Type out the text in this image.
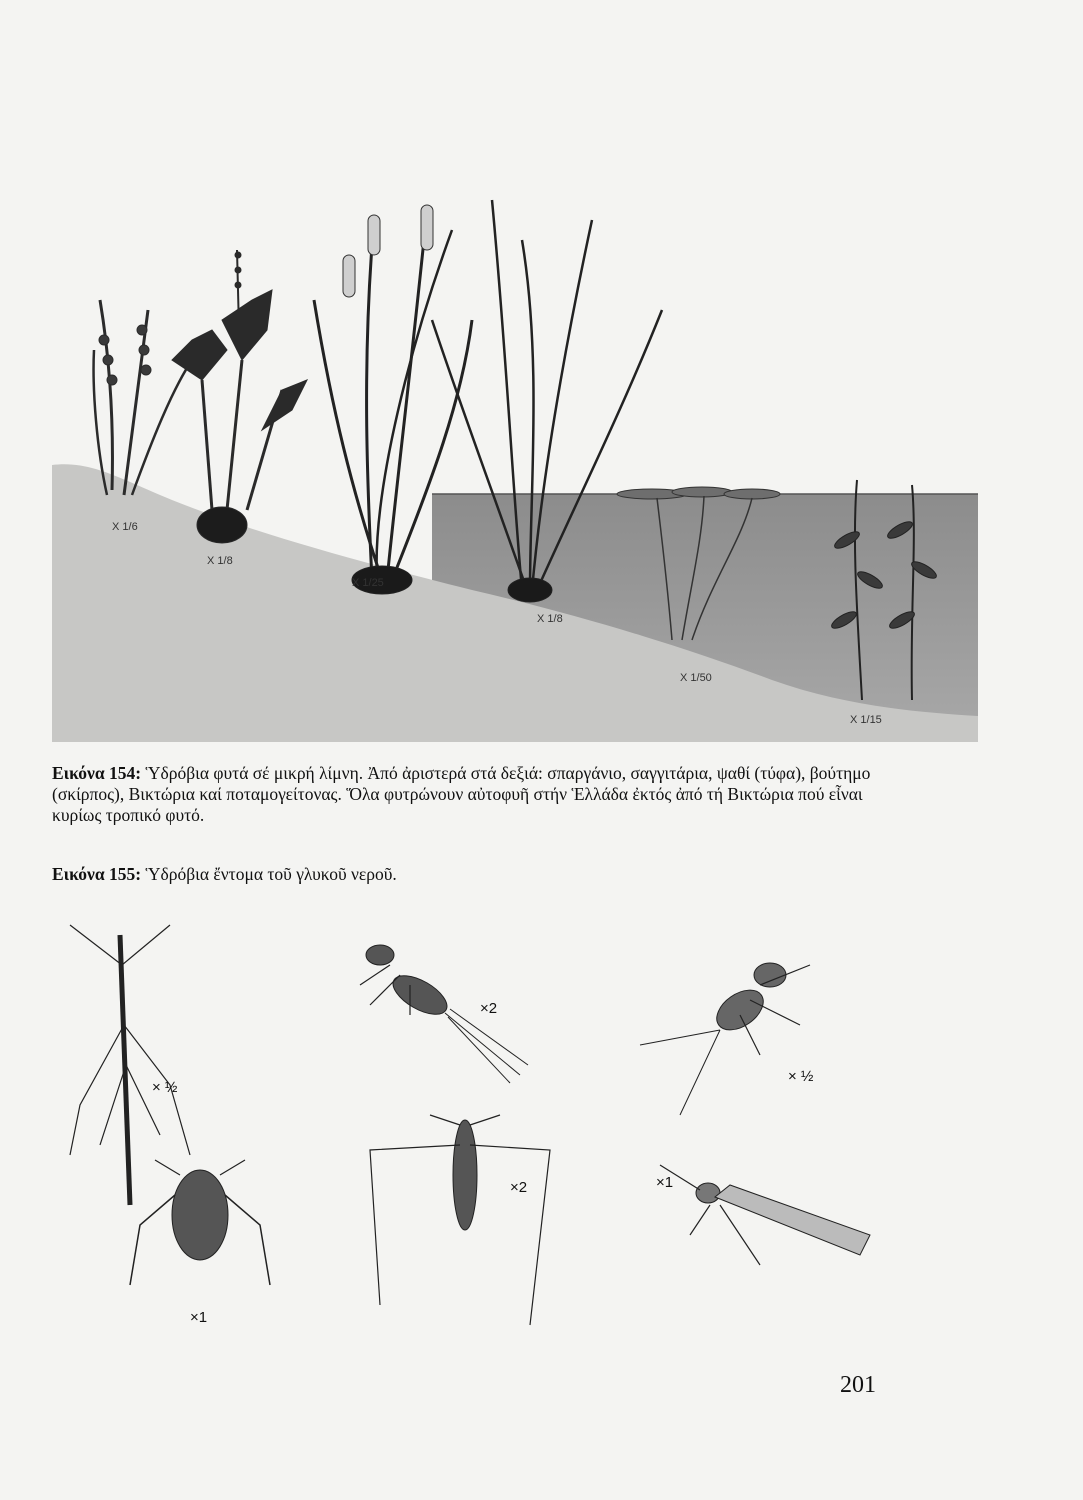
X 1/6
X 1/8
X 1/25
X 1/8
X 1/50
X 1/15
Εικόνα 154: Ὑδρόβια φυτά σέ μικρή λίμνη. Ἀπό ἀριστερά στά δεξιά: σπαργάνιο, σαγγιτάρια, ψαθί (τύφα), βούτημο (σκίρπος), Βικτώρια καί ποταμογείτονας. Ὅλα φυτρώνουν αὐτοφυῆ στήν Ἑλλάδα ἐκτός ἀπό τή Βικτώρια πού εἶναι κυρίως τροπικό φυτό.
Εικόνα 155: Ὑδρόβια ἔντομα τοῦ γλυκοῦ νεροῦ.
× ½
×2
× ½
×1
×2	×1
201
